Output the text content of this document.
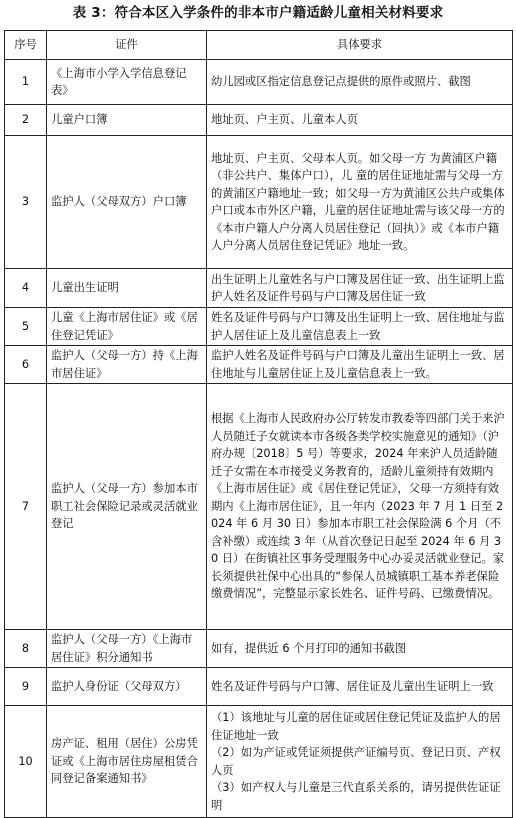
表 3：符合本区入学条件的非本市户籍适龄儿童相关材料要求
序号	证件	具体要求
1	《上海市小学入学信息登记表》	幼儿园或区指定信息登记点提供的原件或照片、截图
2	儿童户口簿	地址页、户主页、儿童本人页
3	监护人（父母双方）户口簿	地址页、户主页、父母本人页。如父母一方 为黄浦区户籍（非公共户、集体户口），儿 童的居住证地址需与父母一方的黄浦区户籍地址一致；如父母一方为黄浦区公共户或集体户口或本市外区户籍，儿童的居住证地址需与该父母一方的《本市户籍人户分离人员居住登记（回执）》或《本市户籍人户分离人员居住登记凭证》地址一致。
4	儿童出生证明	出生证明上儿童姓名与户口簿及居住证一致、出生证明上监护人姓名及证件号码与户口簿及居住证一致
5	儿童《上海市居住证》或《居住登记凭证》	姓名及证件号码与户口簿及出生证明上一致、居住地址与监护人居住证上及儿童信息表上一致
6	监护人（父母一方）持《上海市居住证》	监护人姓名及证件号码与户口簿及儿童出生证明上一致、居住地址与儿童居住证上及儿童信息表上一致。
7	监护人（父母一方）参加本市职工社会保险记录或灵活就业登记	根据《上海市人民政府办公厅转发市教委等四部门关于来沪人员随迁子女就读本市各级各类学校实施意见的通知》（沪府办规〔2018〕5 号）等要求，2024 年来沪人员适龄随迁子女需在本市接受义务教育的，适龄儿童须持有效期内《上海市居住证》或《居住登记凭证》，父母一方须持有效期内《上海市居住证》，且一年内（2023 年 7 月 1 日至 2024 年 6 月 30 日）参加本市职工社会保险满 6 个月（不含补缴）或连续 3 年（从首次登记日起至 2024 年 6 月 30 日）在街镇社区事务受理服务中心办妥灵活就业登记。家长须提供社保中心出具的“参保人员城镇职工基本养老保险缴费情况”，完整显示家长姓名、证件号码、已缴费情况。
8	监护人（父母一方）《上海市居住证》积分通知书	如有，提供近 6 个月打印的通知书截图
9	监护人身份证（父母双方）	姓名及证件号码与户口簿、居住证及儿童出生证明上一致
10	房产证、租用（居住）公房凭证或《上海市居住房屋租赁合同登记备案通知书》	（1）该地址与儿童的居住证或居住登记凭证及监护人的居住证地址一致
（2）如为产证或凭证须提供产证编号页、登记日页、产权人页
（3）如产权人与儿童是三代直系关系的，请另提供佐证证明
